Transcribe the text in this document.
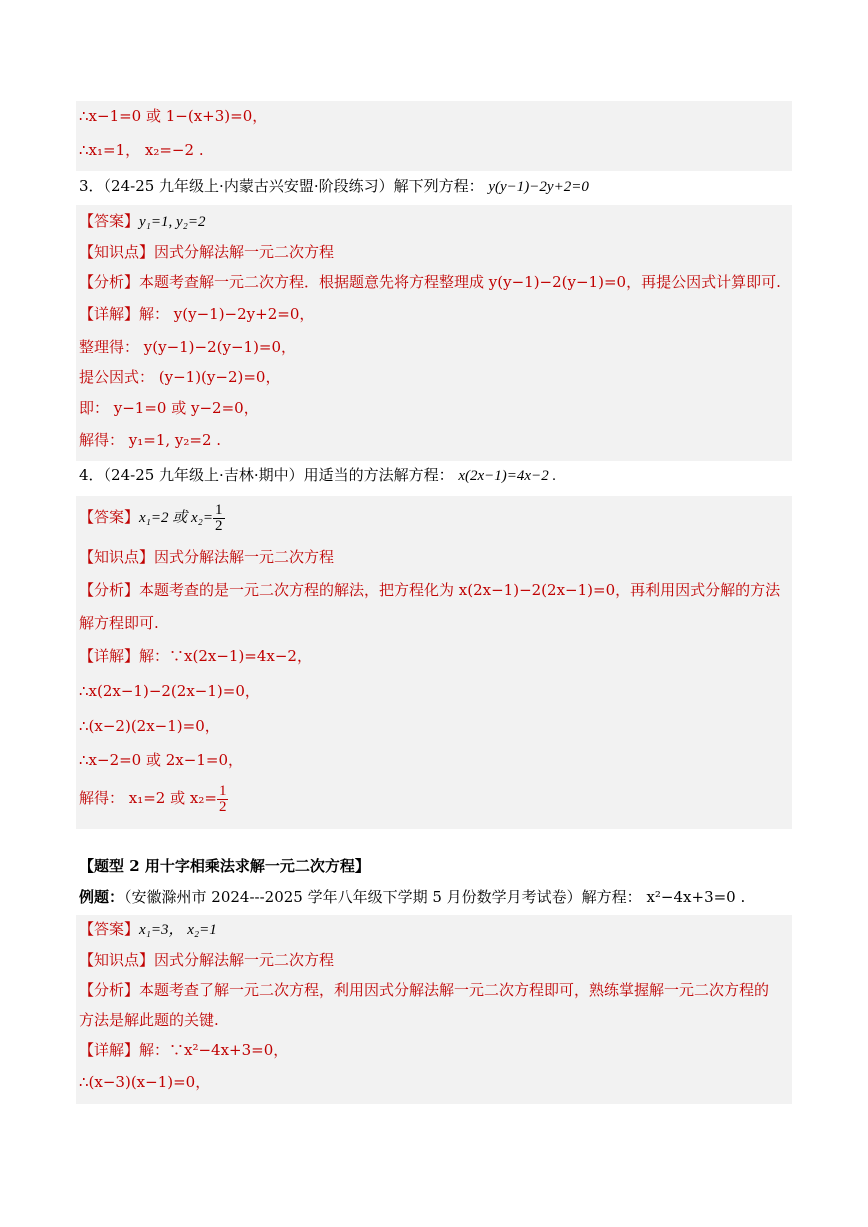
∴x−1=0 或 1−(x+3)=0，
∴x₁=1， x₂=−2 .
3．（24-25 九年级上·内蒙古兴安盟·阶段练习）解下列方程： y(y−1)−2y+2=0
【答案】y₁=1, y₂=2
【知识点】因式分解法解一元二次方程
【分析】本题考查解一元二次方程．根据题意先将方程整理成 y(y−1)−2(y−1)=0，再提公因式计算即可.
【详解】解： y(y−1)−2y+2=0，
整理得： y(y−1)−2(y−1)=0，
提公因式： (y−1)(y−2)=0，
即： y−1=0 或 y−2=0，
解得： y₁=1, y₂=2 .
4．（24-25 九年级上·吉林·期中）用适当的方法解方程： x(2x−1)=4x−2 .
【答案】x₁=2 或 $x_2= \frac{1}{2}$
【知识点】因式分解法解一元二次方程
【分析】本题考查的是一元二次方程的解法，把方程化为 x(2x−1)−2(2x−1)=0，再利用因式分解的方法
解方程即可.
【详解】解：∵x(2x−1)=4x−2，
∴x(2x−1)−2(2x−1)=0，
∴(x−2)(2x−1)=0，
∴x−2=0 或 2x−1=0，
解得： x₁=2 或 $x_2= \frac{1}{2}$
【题型 2 用十字相乘法求解一元二次方程】
例题：（安徽滁州市 2024---2025 学年八年级下学期 5 月份数学月考试卷）解方程： x²−4x+3=0 .
【答案】x₁=3， x₂=1
【知识点】因式分解法解一元二次方程
【分析】本题考查了解一元二次方程，利用因式分解法解一元二次方程即可，熟练掌握解一元二次方程的
方法是解此题的关键.
【详解】解：∵x²−4x+3=0，
∴(x−3)(x−1)=0，
